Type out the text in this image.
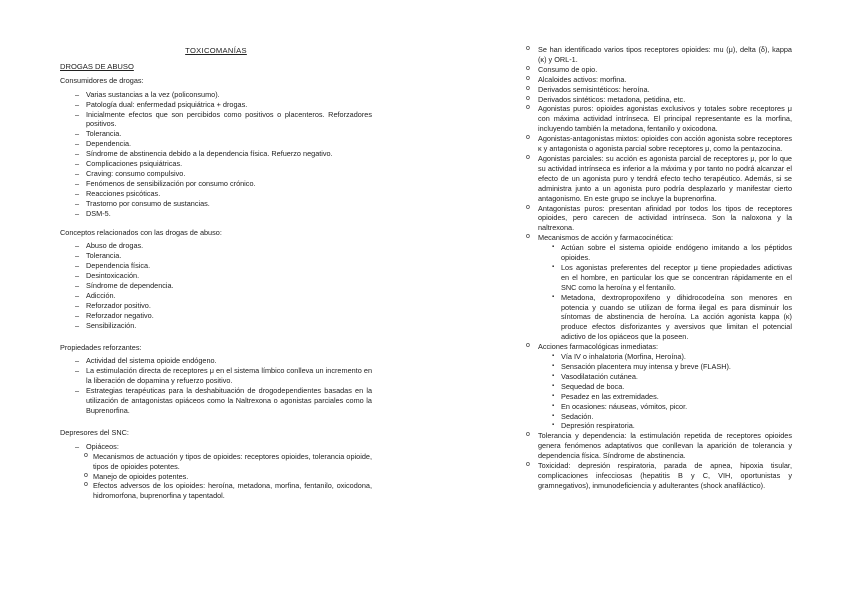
TOXICOMANÍAS
DROGAS DE ABUSO

Consumidores de drogas:

– Varias sustancias a la vez (policonsumo).
– Patología dual: enfermedad psiquiátrica + drogas.
– Inicialmente efectos que son percibidos como positivos o placenteros. Reforzadores positivos.
– Tolerancia.
– Dependencia.
– Síndrome de abstinencia debido a la dependencia física. Refuerzo negativo.
– Complicaciones psiquiátricas.
– Craving: consumo compulsivo.
– Fenómenos de sensibilización por consumo crónico.
– Reacciones psicóticas.
– Trastorno por consumo de sustancias.
– DSM-5.

Conceptos relacionados con las drogas de abuso:

– Abuso de drogas.
– Tolerancia.
– Dependencia física.
– Desintoxicación.
– Síndrome de dependencia.
– Adicción.
– Reforzador positivo.
– Reforzador negativo.
– Sensibilización.

Propiedades reforzantes:

– Actividad del sistema opioide endógeno.
– La estimulación directa de receptores μ en el sistema límbico conlleva un incremento en la liberación de dopamina y refuerzo positivo.
– Estrategias terapéuticas para la deshabituación de drogodependientes basadas en la utilización de antagonistas opiáceos como la Naltrexona o agonistas parciales como la Buprenorfina.

Depresores del SNC:

– Opiáceos:
o Mecanismos de actuación y tipos de opioides: receptores opioides, tolerancia opioide, tipos de opioides potentes.
o Manejo de opioides potentes.
o Efectos adversos de los opioides: heroína, metadona, morfina, fentanilo, oxicodona, hidromorfona, buprenorfina y tapentadol.
o Se han identificado varios tipos receptores opioides: mu (μ), delta (δ), kappa (κ) y ORL-1.
o Consumo de opio.
o Alcaloides activos: morfina.
o Derivados semisintéticos: heroína.
o Derivados sintéticos: metadona, petidina, etc.
o Agonistas puros: opioides agonistas exclusivos y totales sobre receptores μ con máxima actividad intrínseca. El principal representante es la morfina, incluyendo también la metadona, fentanilo y oxicodona.
o Agonistas-antagonistas mixtos: opioides con acción agonista sobre receptores κ y antagonista o agonista parcial sobre receptores μ, como la pentazocina.
o Agonistas parciales: su acción es agonista parcial de receptores μ, por lo que su actividad intrínseca es inferior a la máxima y por tanto no podrá alcanzar el efecto de un agonista puro y tendrá efecto techo terapéutico. Además, si se administra junto a un agonista puro podría desplazarlo y manifestar cierto antagonismo. En este grupo se incluye la buprenorfina.
o Antagonistas puros: presentan afinidad por todos los tipos de receptores opioides, pero carecen de actividad intrínseca. Son la naloxona y la naltrexona.
o Mecanismos de acción y farmacocinética:
▪ Actúan sobre el sistema opioide endógeno imitando a los péptidos opioides.
▪ Los agonistas preferentes del receptor μ tiene propiedades adictivas en el hombre, en particular los que se concentran rápidamente en el SNC como la heroína y el fentanilo.
▪ Metadona, dextropropoxifeno y dihidrocodeína son menores en potencia y cuando se utilizan de forma ilegal es para disminuir los síntomas de abstinencia de heroína. La acción agonista kappa (κ) produce efectos disforizantes y aversivos que limitan el potencial adictivo de los opiáceos que la poseen.
o Acciones farmacológicas inmediatas:
▪ Vía IV o inhalatoria (Morfina, Heroína).
▪ Sensación placentera muy intensa y breve (FLASH).
▪ Vasodilatación cutánea.
▪ Sequedad de boca.
▪ Pesadez en las extremidades.
▪ En ocasiones: náuseas, vómitos, picor.
▪ Sedación.
▪ Depresión respiratoria.
o Tolerancia y dependencia: la estimulación repetida de receptores opioides genera fenómenos adaptativos que conllevan la aparición de tolerancia y dependencia física. Síndrome de abstinencia.
o Toxicidad: depresión respiratoria, parada de apnea, hipoxia tisular, complicaciones infecciosas (hepatitis B y C, VIH, oportunistas y gramnegativos), inmunodeficiencia y adulterantes (shock anafiláctico).
